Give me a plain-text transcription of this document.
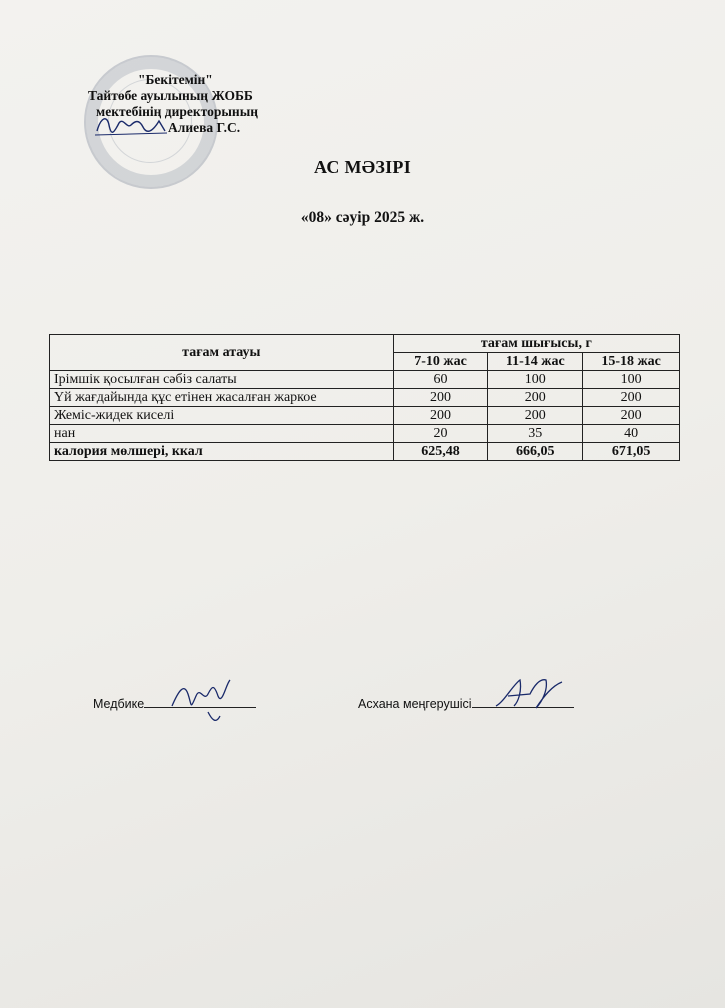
"Бекітемін"
Тайтөбе ауылының ЖОББ
мектебінің директорының
Алиева Г.С.
АС МӘЗІРІ
«08» сәуір 2025 ж.
тағам атауы	тағам шығысы, г		
	7-10 жас	11-14 жас	15-18 жас
Ірімшік қосылған сәбіз салаты	60	100	100
Үй жағдайында құс етінен жасалған жаркое	200	200	200
Жеміс-жидек киселі	200	200	200
нан	20	35	40
калория мөлшері, ккал	625,48	666,05	671,05
Медбике	Асхана меңгерушісі
